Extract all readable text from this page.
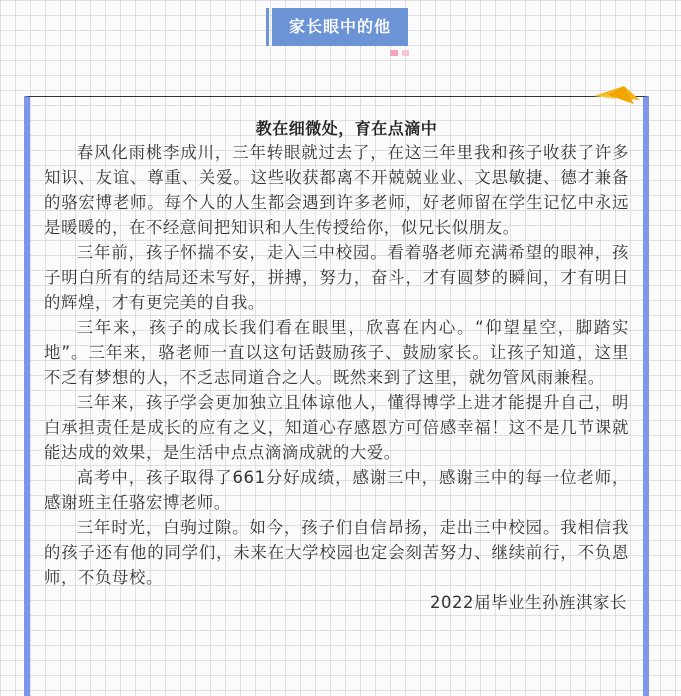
家长眼中的他
教在细微处，育在点滴中

春风化雨桃李成川，三年转眼就过去了，在这三年里我和孩子收获了许多知识、友谊、尊重、关爱。这些收获都离不开兢兢业业、文思敏捷、德才兼备的骆宏博老师。每个人的人生都会遇到许多老师，好老师留在学生记忆中永远是暖暖的，在不经意间把知识和人生传授给你，似兄长似朋友。

三年前，孩子怀揣不安，走入三中校园。看着骆老师充满希望的眼神，孩子明白所有的结局还未写好，拼搏，努力，奋斗，才有圆梦的瞬间，才有明日的辉煌，才有更完美的自我。

三年来，孩子的成长我们看在眼里，欣喜在内心。“仰望星空，脚踏实地”。三年来，骆老师一直以这句话鼓励孩子、鼓励家长。让孩子知道，这里不乏有梦想的人，不乏志同道合之人。既然来到了这里，就勿管风雨兼程。

三年来，孩子学会更加独立且体谅他人，懂得博学上进才能提升自己，明白承担责任是成长的应有之义，知道心存感恩方可倍感幸福！这不是几节课就能达成的效果，是生活中点点滴滴成就的大爱。

高考中，孩子取得了661分好成绩，感谢三中，感谢三中的每一位老师，感谢班主任骆宏博老师。

三年时光，白驹过隙。如今，孩子们自信昂扬，走出三中校园。我相信我的孩子还有他的同学们，未来在大学校园也定会刻苦努力、继续前行，不负恩师，不负母校。

2022届毕业生孙旌淇家长
